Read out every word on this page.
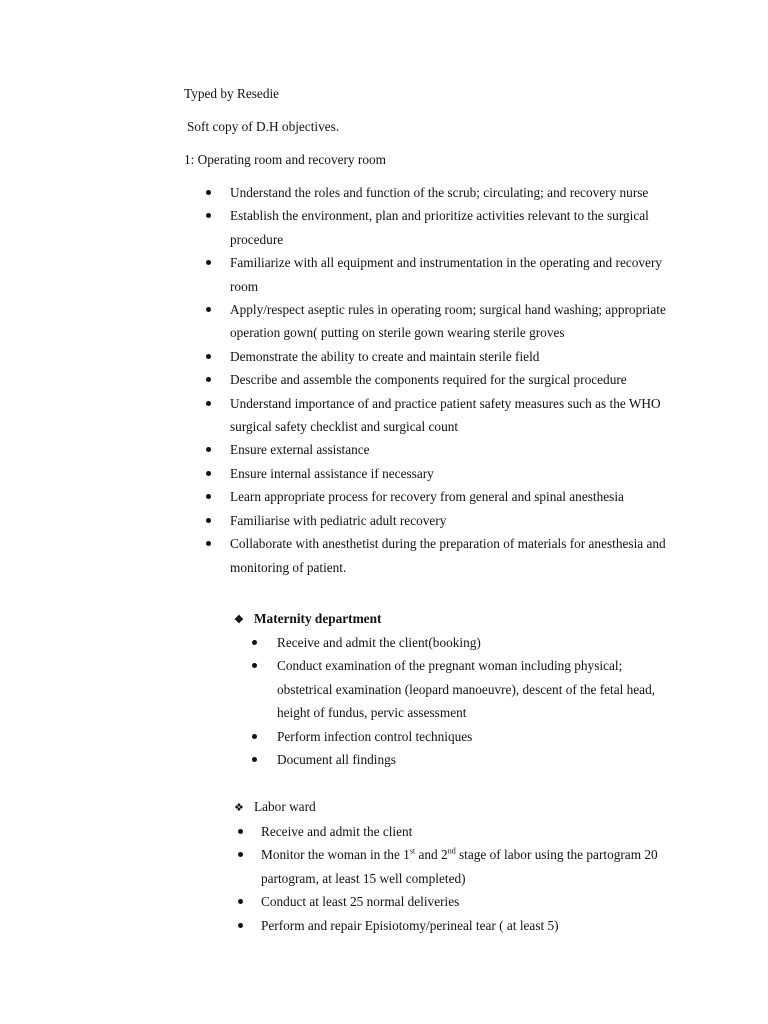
Typed by Resedie

Soft copy of D.H objectives.

1: Operating room and recovery room

Understand the roles and function of the scrub; circulating; and recovery nurse
Establish the environment, plan and prioritize activities relevant to the surgical procedure
Familiarize with all equipment and instrumentation in the operating and recovery room
Apply/respect aseptic rules in operating room; surgical hand washing; appropriate operation gown( putting on sterile gown wearing sterile groves
Demonstrate the ability to create and maintain sterile field
Describe and assemble the components required for the surgical procedure
Understand importance of and practice patient safety measures such as the WHO surgical safety checklist and surgical count
Ensure external assistance
Ensure internal assistance if necessary
Learn appropriate process for recovery from general and spinal anesthesia
Familiarise with pediatric adult recovery
Collaborate with anesthetist during the preparation of materials for anesthesia and monitoring of patient.
❖ Maternity department
Receive and admit the client(booking)
Conduct examination of the pregnant woman including physical; obstetrical examination (leopard manoeuvre), descent of the fetal head, height of fundus, pervic assessment
Perform infection control techniques
Document all findings
❖ Labor ward
Receive and admit the client
Monitor the woman in the 1st and 2nd stage of labor using the partogram 20 partogram, at least 15 well completed)
Conduct at least 25 normal deliveries
Perform and repair Episiotomy/perineal tear ( at least 5)
